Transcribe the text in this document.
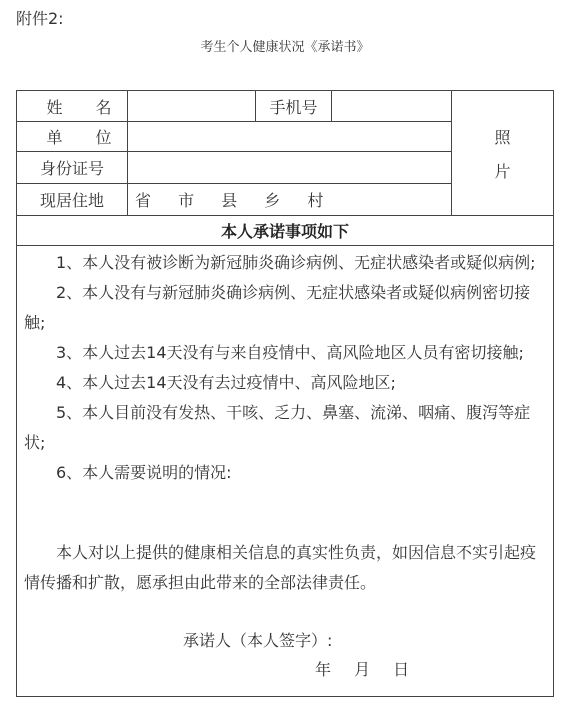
附件2:
考生个人健康状况《承诺书》
姓 名	手机号
单 位
身份证号
现居住地	省 市 县 乡 村
照
片
本人承诺事项如下
1、本人没有被诊断为新冠肺炎确诊病例、无症状感染者或疑似病例;
2、本人没有与新冠肺炎确诊病例、无症状感染者或疑似病例密切接触;
3、本人过去14天没有与来自疫情中、高风险地区人员有密切接触;
4、本人过去14天没有去过疫情中、高风险地区;
5、本人目前没有发热、干咳、乏力、鼻塞、流涕、咽痛、腹泻等症状;
6、本人需要说明的情况:
本人对以上提供的健康相关信息的真实性负责，如因信息不实引起疫情传播和扩散，愿承担由此带来的全部法律责任。
承诺人（本人签字）:
年 月 日
